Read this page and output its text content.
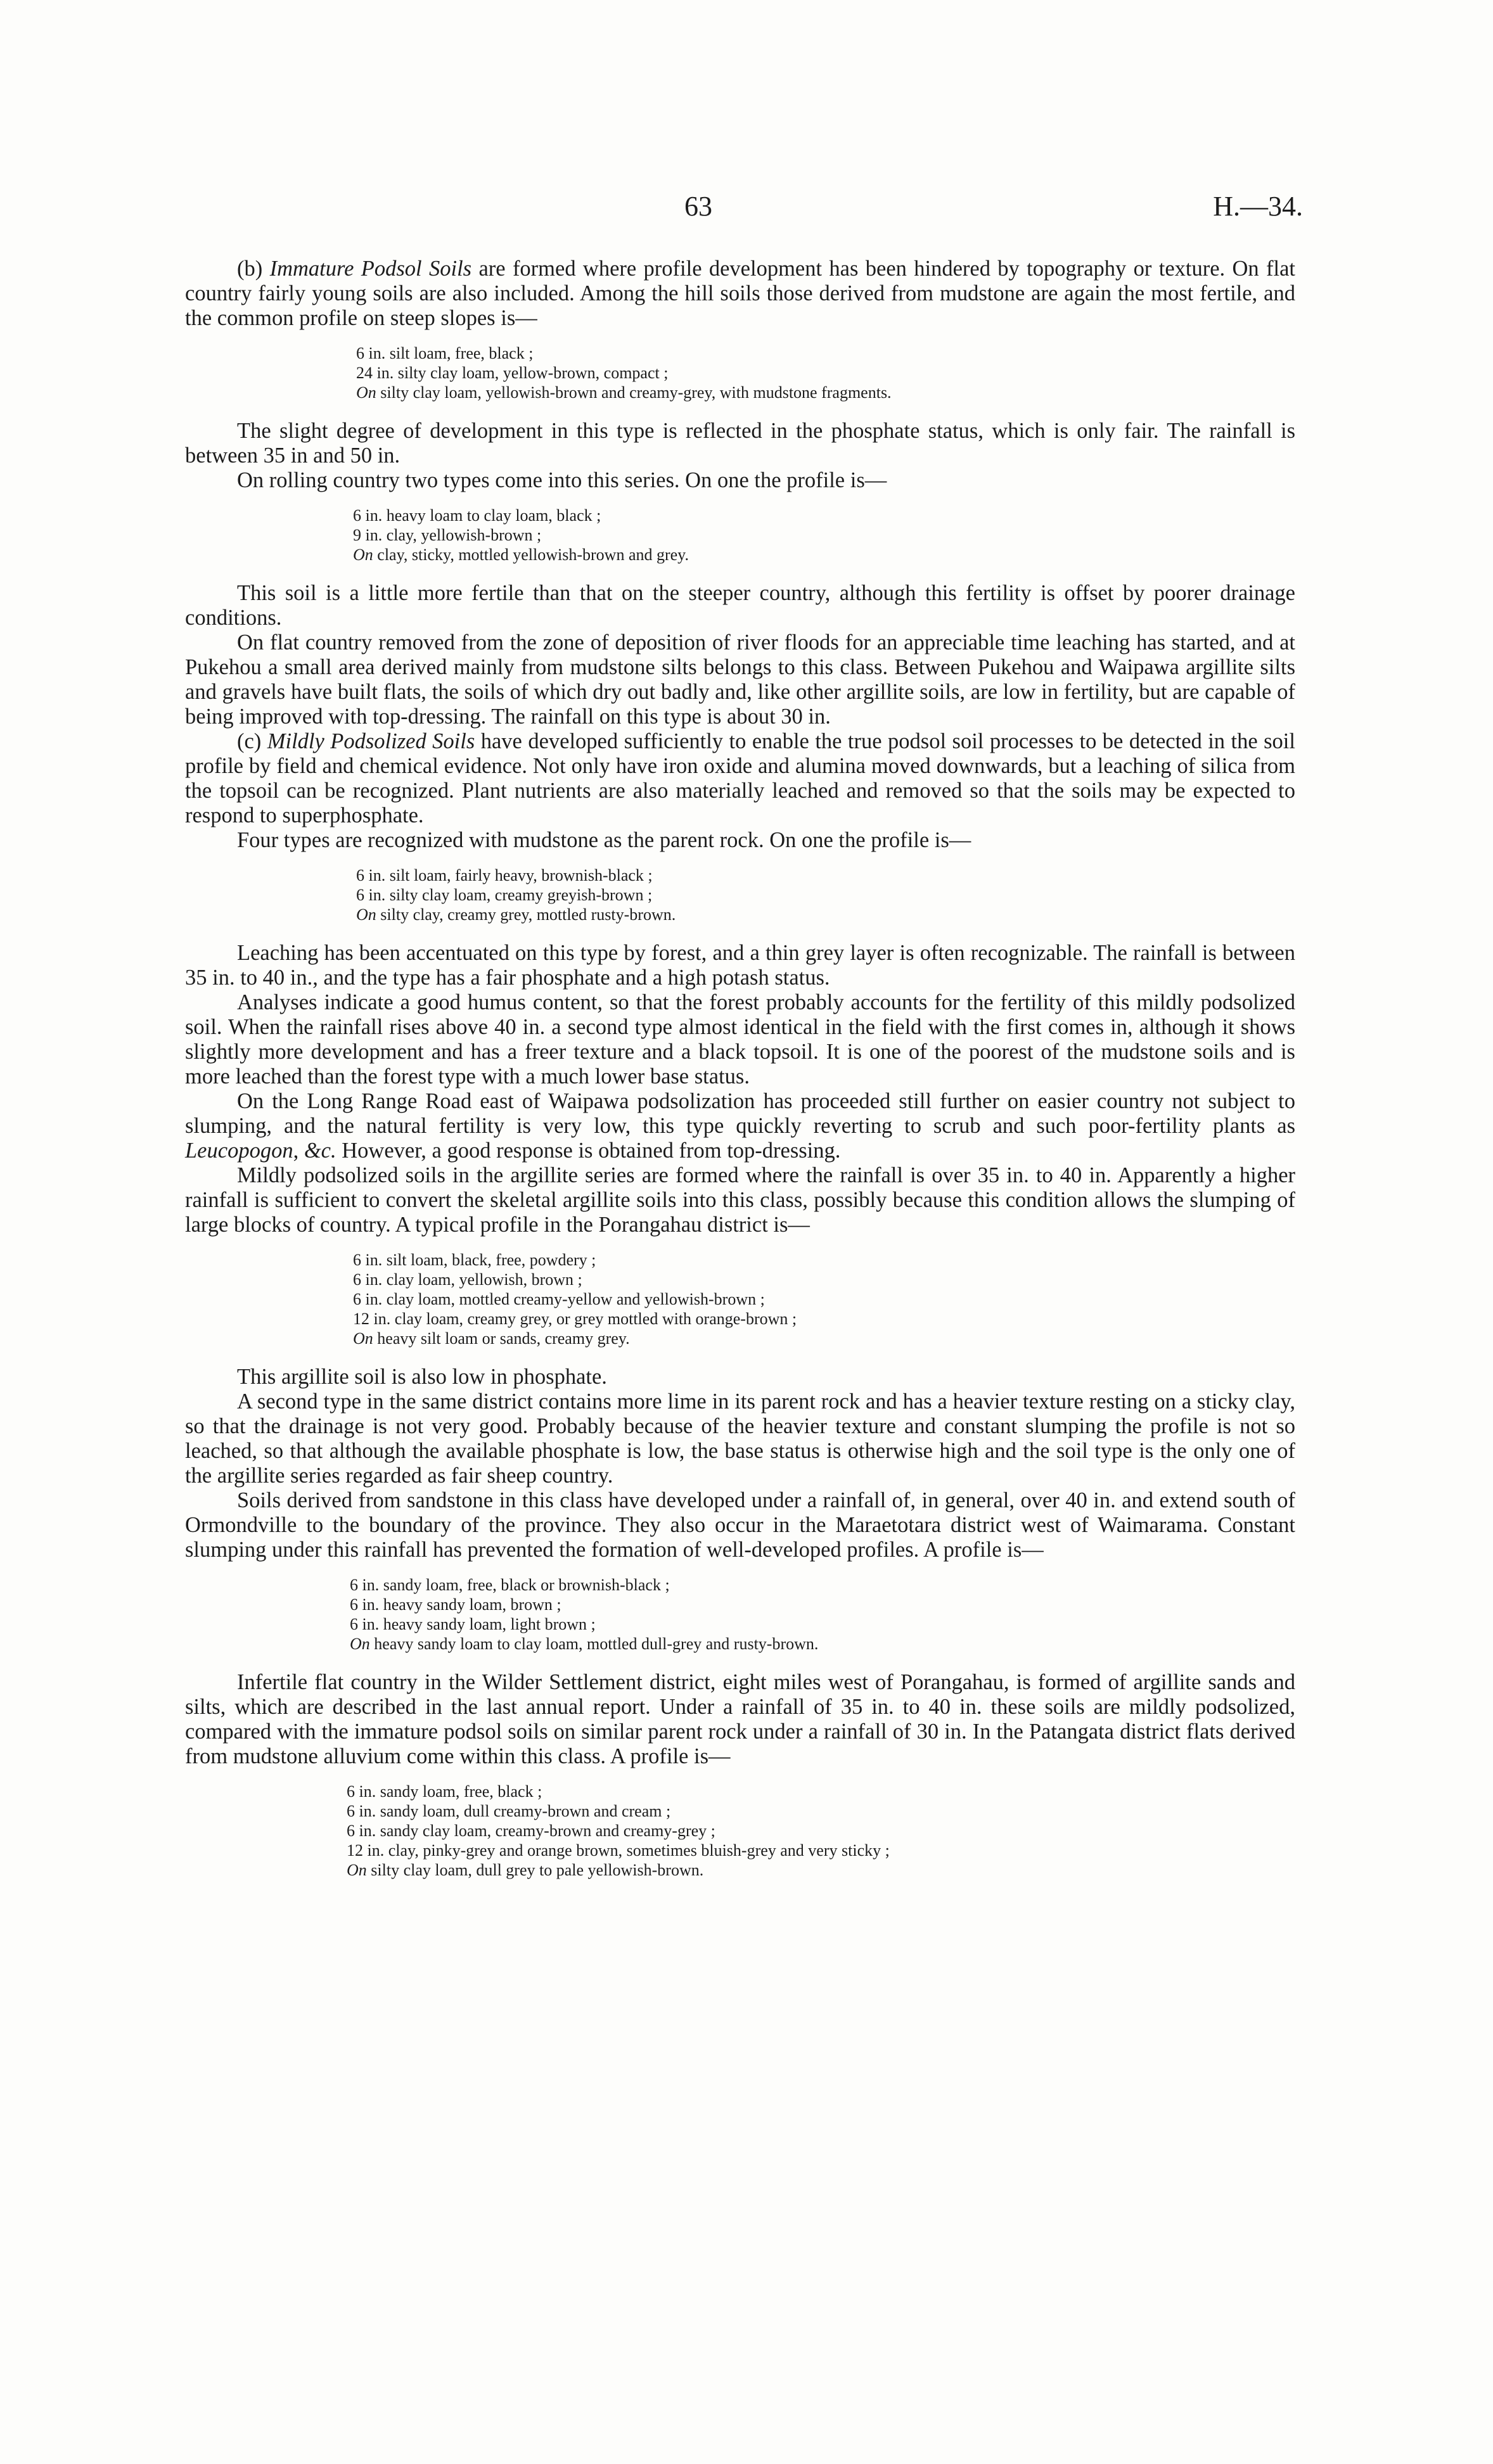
63	H.—34.

(b) Immature Podsol Soils are formed where profile development has been hindered by topography or texture. On flat country fairly young soils are also included. Among the hill soils those derived from mudstone are again the most fertile, and the common profile on steep slopes is—

6 in. silt loam, free, black ;
24 in. silty clay loam, yellow-brown, compact ;
On silty clay loam, yellowish-brown and creamy-grey, with mudstone fragments.

The slight degree of development in this type is reflected in the phosphate status, which is only fair. The rainfall is between 35 in and 50 in.

On rolling country two types come into this series. On one the profile is—

6 in. heavy loam to clay loam, black ;
9 in. clay, yellowish-brown ;
On clay, sticky, mottled yellowish-brown and grey.

This soil is a little more fertile than that on the steeper country, although this fertility is offset by poorer drainage conditions.

On flat country removed from the zone of deposition of river floods for an appreciable time leaching has started, and at Pukehou a small area derived mainly from mudstone silts belongs to this class. Between Pukehou and Waipawa argillite silts and gravels have built flats, the soils of which dry out badly and, like other argillite soils, are low in fertility, but are capable of being improved with top-dressing. The rainfall on this type is about 30 in.

(c) Mildly Podsolized Soils have developed sufficiently to enable the true podsol soil processes to be detected in the soil profile by field and chemical evidence. Not only have iron oxide and alumina moved downwards, but a leaching of silica from the topsoil can be recognized. Plant nutrients are also materially leached and removed so that the soils may be expected to respond to superphosphate.

Four types are recognized with mudstone as the parent rock. On one the profile is—

6 in. silt loam, fairly heavy, brownish-black ;
6 in. silty clay loam, creamy greyish-brown ;
On silty clay, creamy grey, mottled rusty-brown.

Leaching has been accentuated on this type by forest, and a thin grey layer is often recognizable. The rainfall is between 35 in. to 40 in., and the type has a fair phosphate and a high potash status.

Analyses indicate a good humus content, so that the forest probably accounts for the fertility of this mildly podsolized soil. When the rainfall rises above 40 in. a second type almost identical in the field with the first comes in, although it shows slightly more development and has a freer texture and a black topsoil. It is one of the poorest of the mudstone soils and is more leached than the forest type with a much lower base status.

On the Long Range Road east of Waipawa podsolization has proceeded still further on easier country not subject to slumping, and the natural fertility is very low, this type quickly reverting to scrub and such poor-fertility plants as Leucopogon, &c. However, a good response is obtained from top-dressing.

Mildly podsolized soils in the argillite series are formed where the rainfall is over 35 in. to 40 in. Apparently a higher rainfall is sufficient to convert the skeletal argillite soils into this class, possibly because this condition allows the slumping of large blocks of country. A typical profile in the Porangahau district is—

6 in. silt loam, black, free, powdery ;
6 in. clay loam, yellowish, brown ;
6 in. clay loam, mottled creamy-yellow and yellowish-brown ;
12 in. clay loam, creamy grey, or grey mottled with orange-brown ;
On heavy silt loam or sands, creamy grey.

This argillite soil is also low in phosphate.

A second type in the same district contains more lime in its parent rock and has a heavier texture resting on a sticky clay, so that the drainage is not very good. Probably because of the heavier texture and constant slumping the profile is not so leached, so that although the available phosphate is low, the base status is otherwise high and the soil type is the only one of the argillite series regarded as fair sheep country.

Soils derived from sandstone in this class have developed under a rainfall of, in general, over 40 in. and extend south of Ormondville to the boundary of the province. They also occur in the Maraetotara district west of Waimarama. Constant slumping under this rainfall has prevented the formation of well-developed profiles. A profile is—

6 in. sandy loam, free, black or brownish-black ;
6 in. heavy sandy loam, brown ;
6 in. heavy sandy loam, light brown ;
On heavy sandy loam to clay loam, mottled dull-grey and rusty-brown.

Infertile flat country in the Wilder Settlement district, eight miles west of Porangahau, is formed of argillite sands and silts, which are described in the last annual report. Under a rainfall of 35 in. to 40 in. these soils are mildly podsolized, compared with the immature podsol soils on similar parent rock under a rainfall of 30 in. In the Patangata district flats derived from mudstone alluvium come within this class. A profile is—

6 in. sandy loam, free, black ;
6 in. sandy loam, dull creamy-brown and cream ;
6 in. sandy clay loam, creamy-brown and creamy-grey ;
12 in. clay, pinky-grey and orange brown, sometimes bluish-grey and very sticky ;
On silty clay loam, dull grey to pale yellowish-brown.
